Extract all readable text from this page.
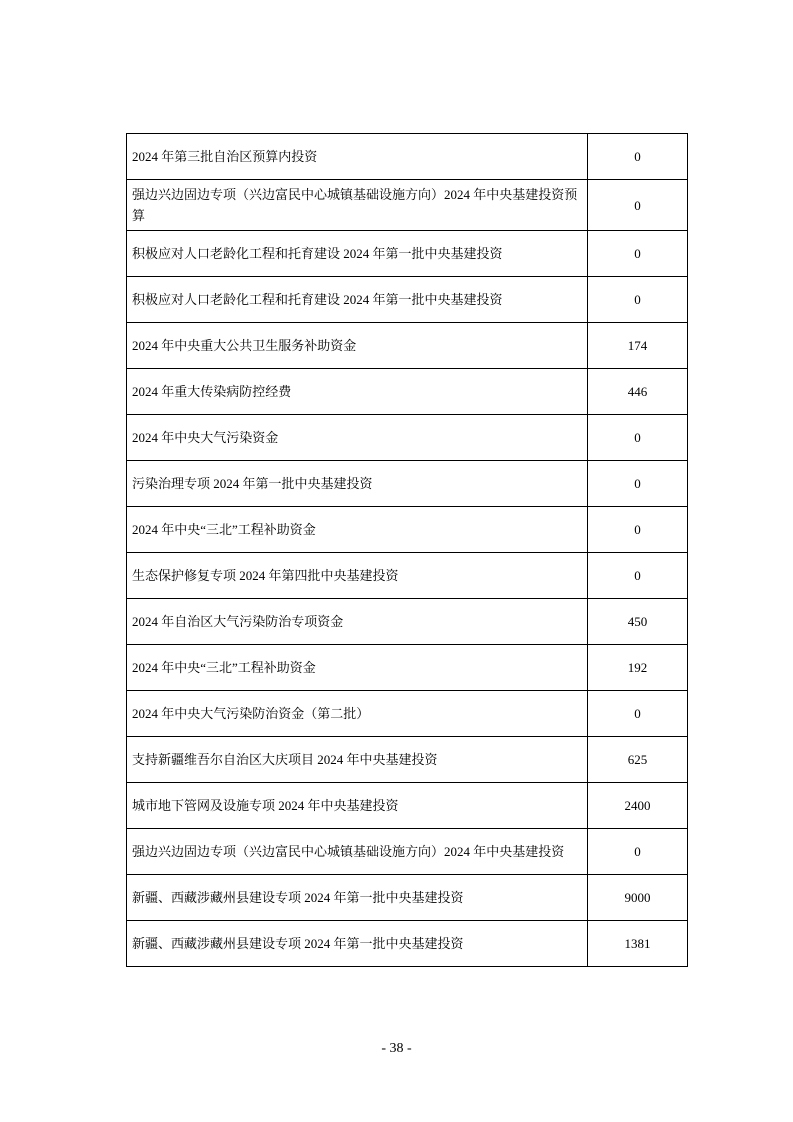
2024 年第三批自治区预算内投资	0
强边兴边固边专项（兴边富民中心城镇基础设施方向）2024 年中央基建投资预算	0
积极应对人口老龄化工程和托育建设 2024 年第一批中央基建投资	0
积极应对人口老龄化工程和托育建设 2024 年第一批中央基建投资	0
2024 年中央重大公共卫生服务补助资金	174
2024 年重大传染病防控经费	446
2024 年中央大气污染资金	0
污染治理专项 2024 年第一批中央基建投资	0
2024 年中央“三北”工程补助资金	0
生态保护修复专项 2024 年第四批中央基建投资	0
2024 年自治区大气污染防治专项资金	450
2024 年中央“三北”工程补助资金	192
2024 年中央大气污染防治资金（第二批）	0
支持新疆维吾尔自治区大庆项目 2024 年中央基建投资	625
城市地下管网及设施专项 2024 年中央基建投资	2400
强边兴边固边专项（兴边富民中心城镇基础设施方向）2024 年中央基建投资	0
新疆、西藏涉藏州县建设专项 2024 年第一批中央基建投资	9000
新疆、西藏涉藏州县建设专项 2024 年第一批中央基建投资	1381
- 38 -
